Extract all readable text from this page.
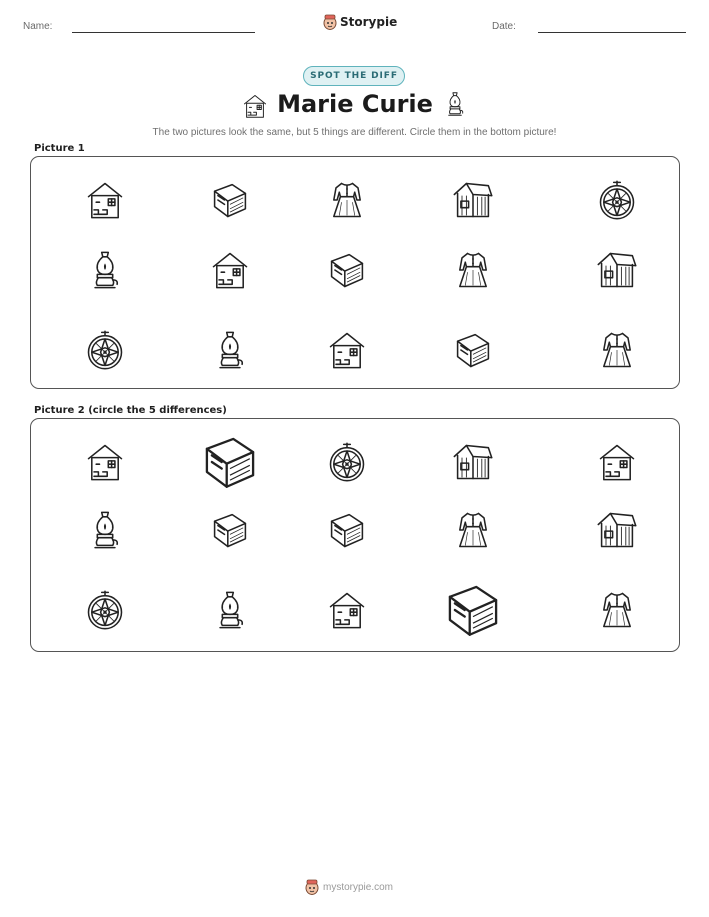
Name:	Storypie	Date:
SPOT THE DIFF
Marie Curie
The two pictures look the same, but 5 things are different. Circle them in the bottom picture!
Picture 1
Picture 2 (circle the 5 differences)
mystorypie.com
